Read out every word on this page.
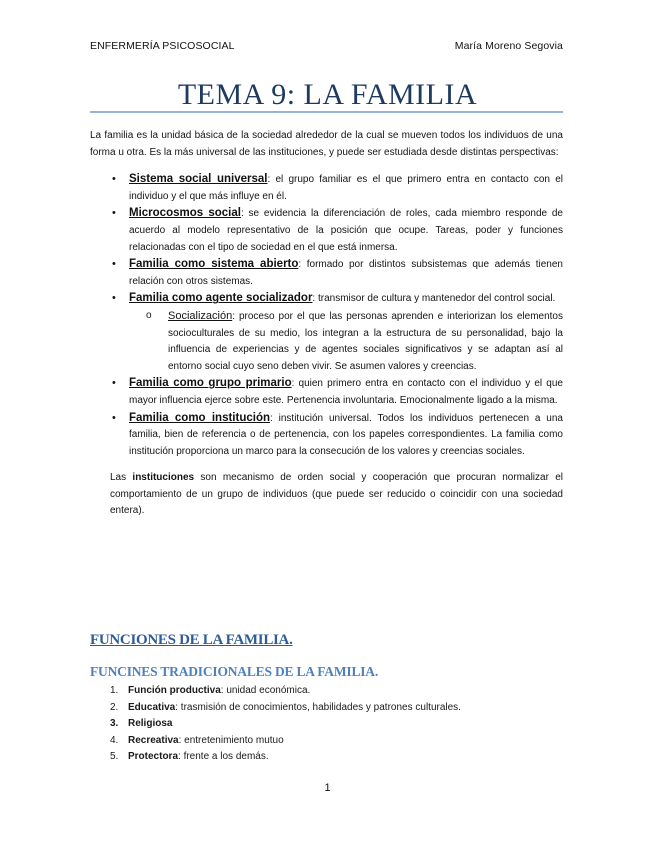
ENFERMERÍA PSICOSOCIAL	María Moreno Segovia
TEMA 9: LA FAMILIA

La familia es la unidad básica de la sociedad alrededor de la cual se mueven todos los individuos de una forma u otra. Es la más universal de las instituciones, y puede ser estudiada desde distintas perspectivas:

• Sistema social universal: el grupo familiar es el que primero entra en contacto con el individuo y el que más influye en él.
• Microcosmos social: se evidencia la diferenciación de roles, cada miembro responde de acuerdo al modelo representativo de la posición que ocupe. Tareas, poder y funciones relacionadas con el tipo de sociedad en el que está inmersa.
• Familia como sistema abierto: formado por distintos subsistemas que además tienen relación con otros sistemas.
• Familia como agente socializador: transmisor de cultura y mantenedor del control social.
o Socialización: proceso por el que las personas aprenden e interiorizan los elementos socioculturales de su medio, los integran a la estructura de su personalidad, bajo la influencia de experiencias y de agentes sociales significativos y se adaptan así al entorno social cuyo seno deben vivir. Se asumen valores y creencias.
• Familia como grupo primario: quien primero entra en contacto con el individuo y el que mayor influencia ejerce sobre este. Pertenencia involuntaria. Emocionalmente ligado a la misma.
• Familia como institución: institución universal. Todos los individuos pertenecen a una familia, bien de referencia o de pertenencia, con los papeles correspondientes. La familia como institución proporciona un marco para la consecución de los valores y creencias sociales.

Las instituciones son mecanismo de orden social y cooperación que procuran normalizar el comportamiento de un grupo de individuos (que puede ser reducido o coincidir con una sociedad entera).

FUNCIONES DE LA FAMILIA.
FUNCINES TRADICIONALES DE LA FAMILIA.
1. Función productiva: unidad económica.
2. Educativa: trasmisión de conocimientos, habilidades y patrones culturales.
3. Religiosa
4. Recreativa: entretenimiento mutuo
5. Protectora: frente a los demás.
1
